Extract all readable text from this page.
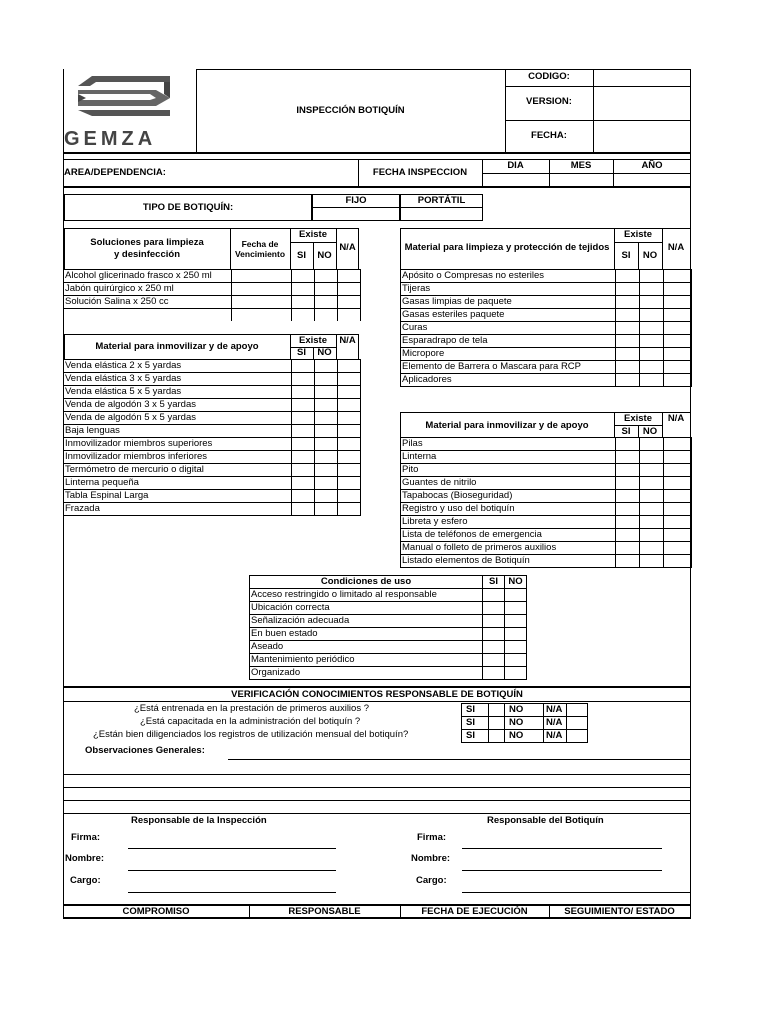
GEMZA
INSPECCIÓN BOTIQUÍN
CODIGO:
VERSION:
FECHA:
AREA/DEPENDENCIA:	FECHA INSPECCION
DIA	MES	AÑO
TIPO DE BOTIQUÍN:
FIJO	PORTÁTIL
Soluciones para limpieza
y desinfección
Fecha de
Vencimiento
Existe
SI	NO
N/A
Alcohol glicerinado frasco x 250 ml				
Jabón quirúrgico x 250 ml				
Solución Salina x 250 cc				

Material para inmovilizar y de apoyo
Existe
SI	NO
N/A
Venda elástica 2 x 5 yardas			
Venda elástica 3 x 5 yardas			
Venda elástica 5 x 5 yardas			
Venda de algodón 3 x 5 yardas			
Venda de algodón 5 x 5 yardas			
Baja lenguas			
Inmovilizador miembros superiores			
Inmovilizador miembros inferiores			
Termómetro de mercurio o digital			
Linterna pequeña			
Tabla Espinal Larga			
Frazada			
Material para limpieza y protección de tejidos
Existe
SI	NO
N/A
Apósito o Compresas no esteriles			
Tijeras			
Gasas limpias de paquete			
Gasas esteriles paquete			
Curas			
Esparadrapo de tela			
Micropore			
Elemento de Barrera o Mascara para RCP			
Aplicadores			
Material para inmovilizar y de apoyo
Existe
SI	NO
N/A
Pilas			
Linterna			
Pito			
Guantes de nitrilo			
Tapabocas (Bioseguridad)			
Registro y uso del botiquín			
Libreta y esfero			
Lista de teléfonos de emergencia			
Manual o folleto de primeros auxilios			
Listado elementos de Botiquín			
Condiciones de uso	SI	NO
Acceso restringido o limitado al responsable		
Ubicación correcta		
Señalización adecuada		
En buen estado		
Aseado		
Mantenimiento periódico		
Organizado		
VERIFICACIÓN CONOCIMIENTOS RESPONSABLE DE BOTIQUÍN
¿Está entrenada en la prestación de primeros auxilios ?
¿Está capacitada en la administración del botiquín ?
¿Están bien diligenciados los registros de utilización mensual del botiquín?
SI		NO	N/A	
SI		NO	N/A	
SI		NO	N/A	
Observaciones Generales:
Responsable de la Inspección	Responsable del Botiquín
Firma:
Nombre:
Cargo:
Firma:
Nombre:
Cargo:
COMPROMISO	RESPONSABLE	FECHA DE EJECUCIÓN	SEGUIMIENTO/ ESTADO
